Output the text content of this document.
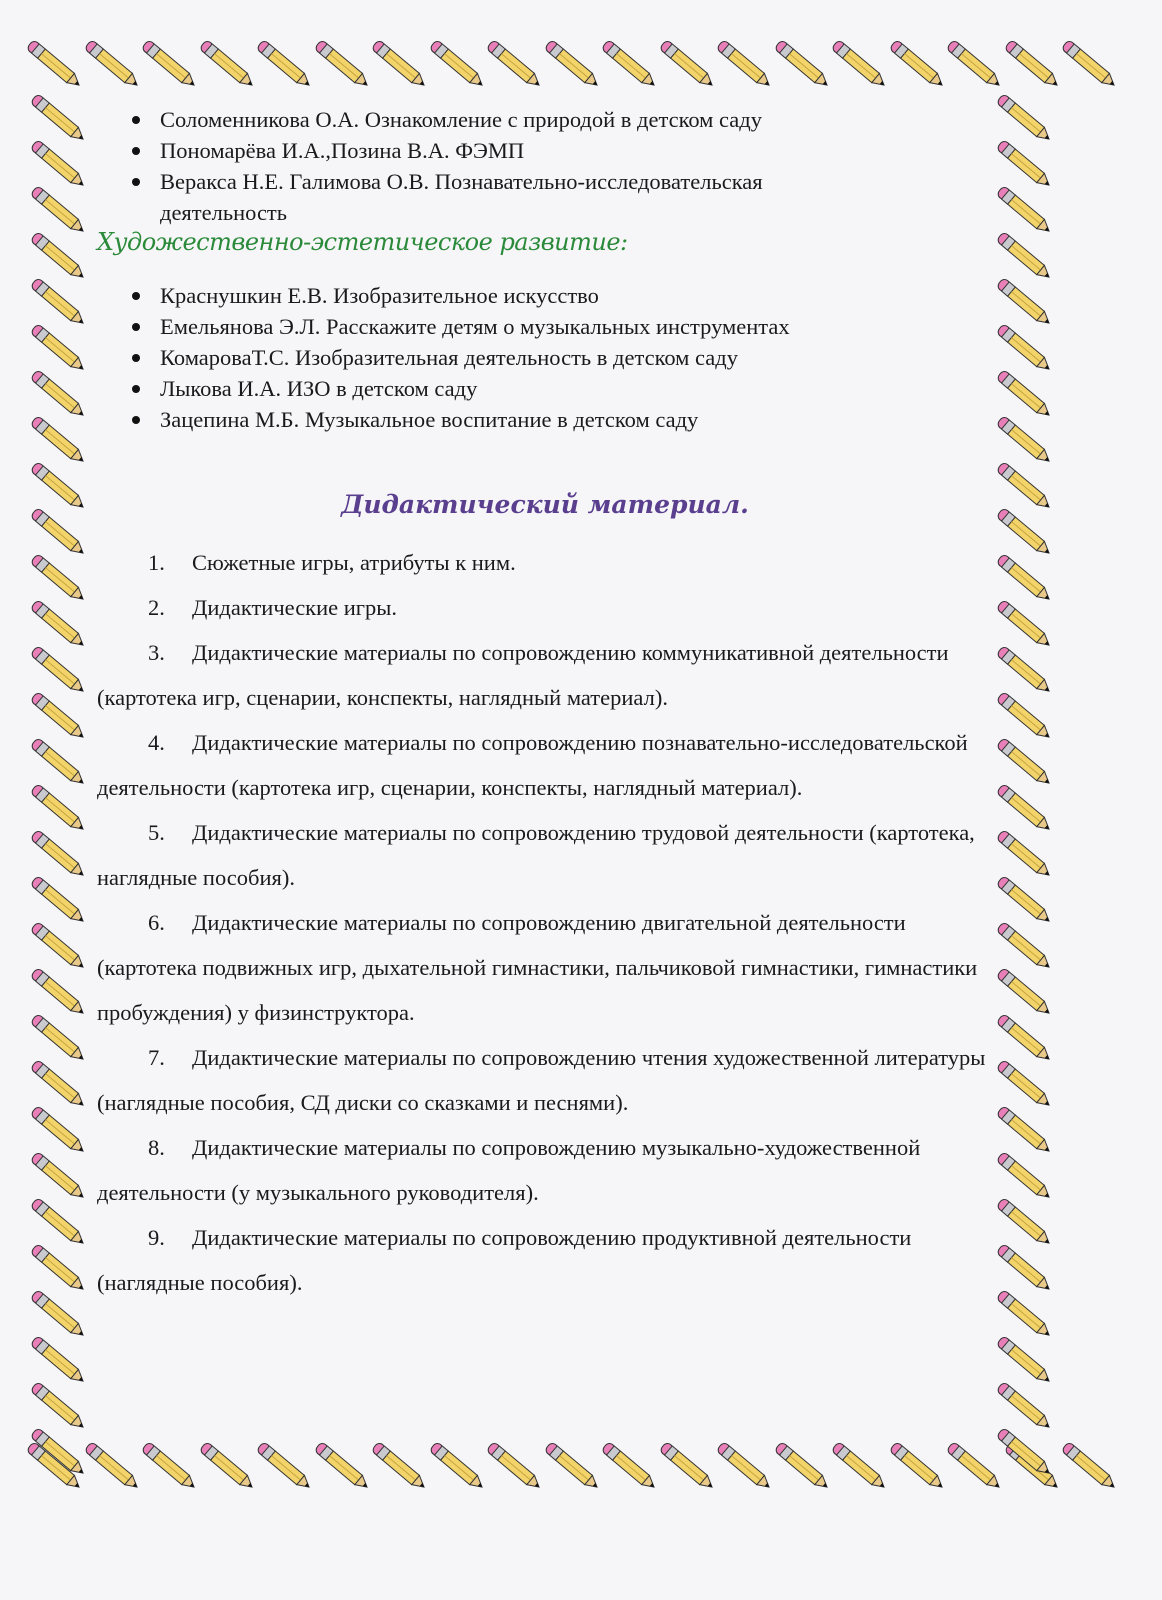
Соломенникова О.А. Ознакомление с природой в детском саду
Пономарёва И.А.,Позина В.А. ФЭМП
Веракса Н.Е. Галимова О.В. Познавательно-исследовательская деятельность
Художественно-эстетическое развитие:
Краснушкин Е.В. Изобразительное искусство
Емельянова Э.Л. Расскажите детям о музыкальных инструментах
КомароваТ.С. Изобразительная деятельность в детском саду
Лыкова И.А. ИЗО в детском саду
Зацепина М.Б. Музыкальное воспитание в детском саду
Дидактический материал.
1. Сюжетные игры, атрибуты к ним.
2. Дидактические игры.
3. Дидактические материалы по сопровождению коммуникативной деятельности (картотека игр, сценарии, конспекты, наглядный материал).
4. Дидактические материалы по сопровождению познавательно-исследовательской деятельности (картотека игр, сценарии, конспекты, наглядный материал).
5. Дидактические материалы по сопровождению трудовой деятельности (картотека, наглядные пособия).
6. Дидактические материалы по сопровождению двигательной деятельности (картотека подвижных игр, дыхательной гимнастики, пальчиковой гимнастики, гимнастики пробуждения) у физинструктора.
7. Дидактические материалы по сопровождению чтения художественной литературы (наглядные пособия, СД диски со сказками и песнями).
8. Дидактические материалы по сопровождению музыкально-художественной деятельности (у музыкального руководителя).
9. Дидактические материалы по сопровождению продуктивной деятельности (наглядные пособия).
